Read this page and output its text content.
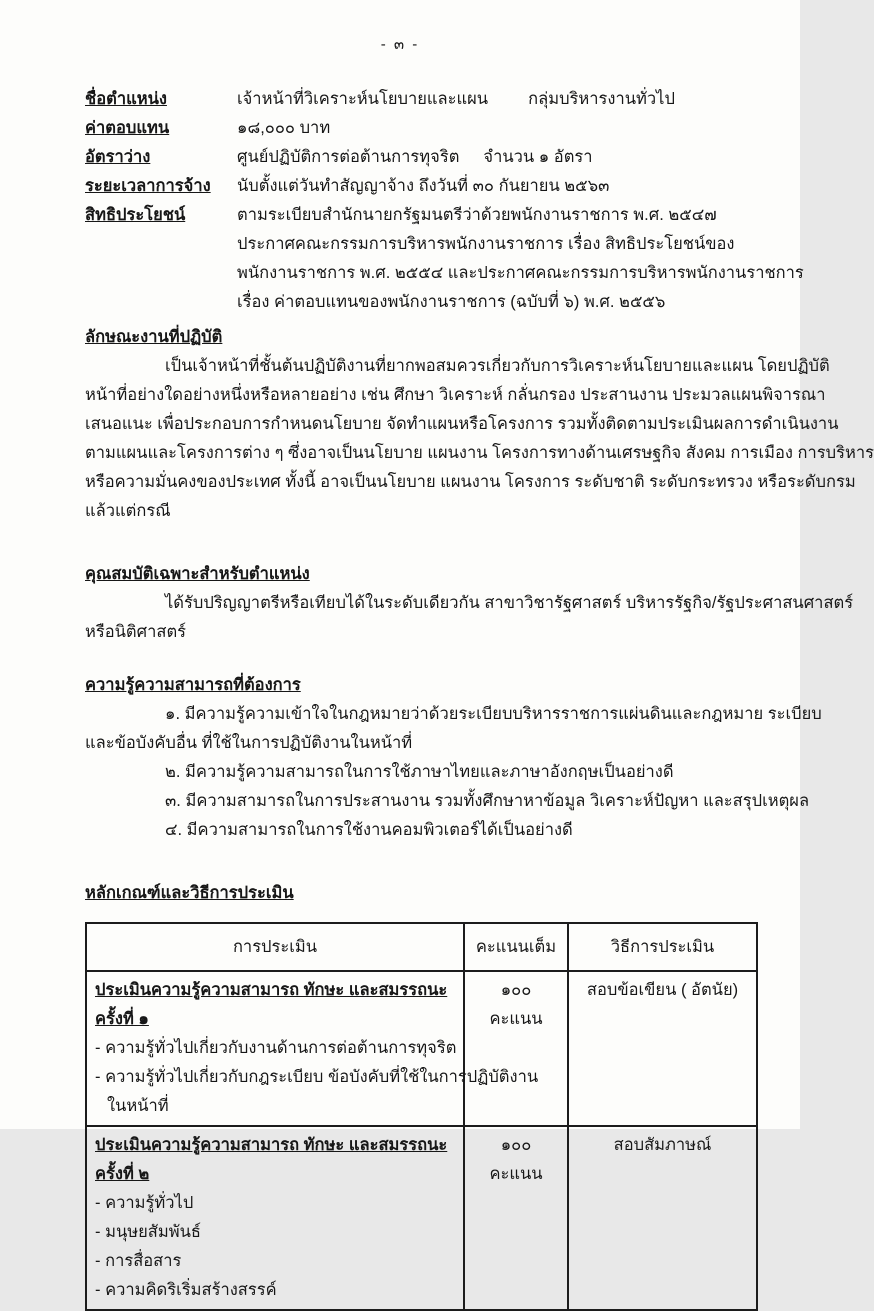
- ๓ -
ชื่อตำแหน่ง	เจ้าหน้าที่วิเคราะห์นโยบายและแผน กลุ่มบริหารงานทั่วไป
ค่าตอบแทน	๑๘,๐๐๐ บาท
อัตราว่าง	ศูนย์ปฏิบัติการต่อต้านการทุจริต จำนวน ๑ อัตรา
ระยะเวลาการจ้าง	นับตั้งแต่วันทำสัญญาจ้าง ถึงวันที่ ๓๐ กันยายน ๒๕๖๓
สิทธิประโยชน์	ตามระเบียบสำนักนายกรัฐมนตรีว่าด้วยพนักงานราชการ พ.ศ. ๒๕๔๗
ประกาศคณะกรรมการบริหารพนักงานราชการ เรื่อง สิทธิประโยชน์ของ
พนักงานราชการ พ.ศ. ๒๕๕๔ และประกาศคณะกรรมการบริหารพนักงานราชการ
เรื่อง ค่าตอบแทนของพนักงานราชการ (ฉบับที่ ๖) พ.ศ. ๒๕๕๖
ลักษณะงานที่ปฏิบัติ
เป็นเจ้าหน้าที่ชั้นต้นปฏิบัติงานที่ยากพอสมควรเกี่ยวกับการวิเคราะห์นโยบายและแผน โดยปฏิบัติ
หน้าที่อย่างใดอย่างหนึ่งหรือหลายอย่าง เช่น ศึกษา วิเคราะห์ กลั่นกรอง ประสานงาน ประมวลแผนพิจารณา
เสนอแนะ เพื่อประกอบการกำหนดนโยบาย จัดทำแผนหรือโครงการ รวมทั้งติดตามประเมินผลการดำเนินงาน
ตามแผนและโครงการต่าง ๆ ซึ่งอาจเป็นนโยบาย แผนงาน โครงการทางด้านเศรษฐกิจ สังคม การเมือง การบริหาร
หรือความมั่นคงของประเทศ ทั้งนี้ อาจเป็นนโยบาย แผนงาน โครงการ ระดับชาติ ระดับกระทรวง หรือระดับกรม
แล้วแต่กรณี
คุณสมบัติเฉพาะสำหรับตำแหน่ง
ได้รับปริญญาตรีหรือเทียบได้ในระดับเดียวกัน สาขาวิชารัฐศาสตร์ บริหารรัฐกิจ/รัฐประศาสนศาสตร์
หรือนิติศาสตร์
ความรู้ความสามารถที่ต้องการ
๑. มีความรู้ความเข้าใจในกฎหมายว่าด้วยระเบียบบริหารราชการแผ่นดินและกฎหมาย ระเบียบ
และข้อบังคับอื่น ที่ใช้ในการปฏิบัติงานในหน้าที่
๒. มีความรู้ความสามารถในการใช้ภาษาไทยและภาษาอังกฤษเป็นอย่างดี
๓. มีความสามารถในการประสานงาน รวมทั้งศึกษาหาข้อมูล วิเคราะห์ปัญหา และสรุปเหตุผล
๔. มีความสามารถในการใช้งานคอมพิวเตอร์ได้เป็นอย่างดี
หลักเกณฑ์และวิธีการประเมิน
การประเมิน	คะแนนเต็ม	วิธีการประเมิน

ประเมินความรู้ความสามารถ ทักษะ และสมรรถนะ ครั้งที่ ๑
- ความรู้ทั่วไปเกี่ยวกับงานด้านการต่อต้านการทุจริต
- ความรู้ทั่วไปเกี่ยวกับกฎระเบียบ ข้อบังคับที่ใช้ในการปฏิบัติงาน
ในหน้าที่	๑๐๐ คะแนน	สอบข้อเขียน ( อัตนัย)

ประเมินความรู้ความสามารถ ทักษะ และสมรรถนะ ครั้งที่ ๒
- ความรู้ทั่วไป
- มนุษยสัมพันธ์
- การสื่อสาร
- ความคิดริเริ่มสร้างสรรค์	๑๐๐ คะแนน	สอบสัมภาษณ์
